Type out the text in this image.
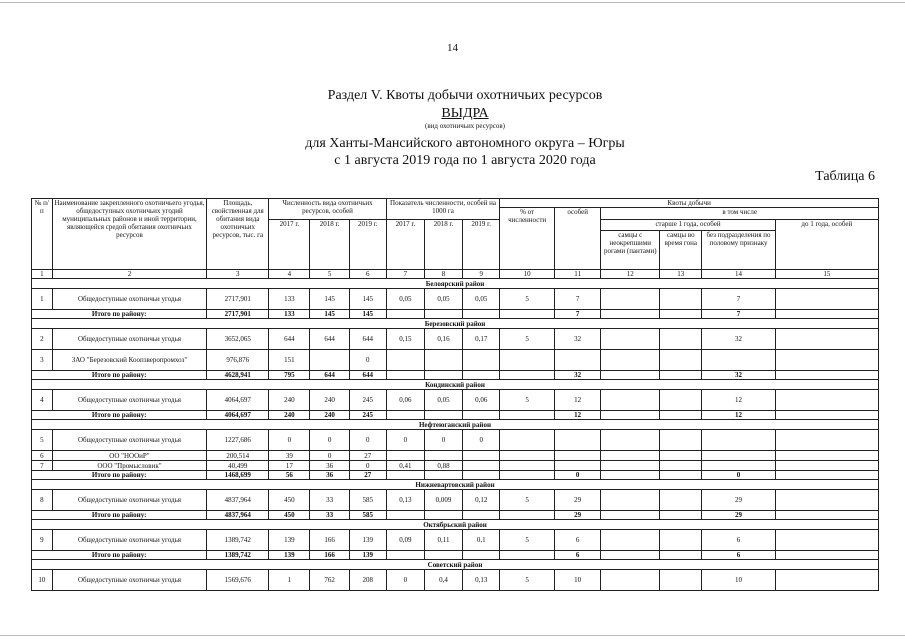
14
Раздел V. Квоты добычи охотничьих ресурсов
ВЫДРА
(вид охотничьих ресурсов)
для Ханты-Мансийского автономного округа – Югры
с 1 августа 2019 года по 1 августа 2020 года
Таблица 6
№ п/п	Наименование закрепленного охотничьего угодья, общедоступных охотничьих угодий муниципальных районов и иной территории, являющейся средой обитания охотничьих ресурсов	Площадь, свойственная для обитания вида охотничьих ресурсов, тыс. га	Численность вида охотничьих ресурсов, особей			Показатель численности, особей на 1000 га			Квоты добычи					
									% от численности	особей	в том числе			
			2017 г.	2018 г.	2019 г.	2017 г.	2018 г.	2019 г.			старше 1 года, особей			до 1 года, особей
											самцы с неокрепшими рогами (пантами)	самцы во время гона	без подразделения по половому признаку	
1	2	3	4	5	6	7	8	9	10	11	12	13	14	15
Белоярский район														
1	Общедоступные охотничьи угодья	2717,901	133	145	145	0,05	0,05	0,05	5	7			7	
Итого по району:		2717,901	133	145	145					7			7	
Березовский район														
2	Общедоступные охотничьи угодья	3652,065	644	644	644	0,15	0,16	0,17	5	32			32	
3	ЗАО "Березовский Коопзверопромхоз"	976,876	151		0									
Итого по району:		4628,941	795	644	644					32			32	
Кондинский район														
4	Общедоступные охотничьи угодья	4064,697	240	240	245	0,06	0,05	0,06	5	12			12	
Итого по району:		4064,697	240	240	245					12			12	
Нефтеюганский район														
5	Общедоступные охотничьи угодья	1227,686	0	0	0	0	0	0						
6	ОО "НООиР"	200,514	39	0	27									
7	ООО "Промысловик"	40,499	17	36	0	0,41	0,88							
Итого по району:		1468,699	56	36	27					0			0	
Нижневартовский район														
8	Общедоступные охотничьи угодья	4837,964	450	33	585	0,13	0,009	0,12	5	29			29	
Итого по району:		4837,964	450	33	585					29			29	
Октябрьский район														
9	Общедоступные охотничьи угодья	1389,742	139	166	139	0,09	0,11	0,1	5	6			6	
Итого по району:		1389,742	139	166	139					6			6	
Советский район														
10	Общедоступные охотничьи угодья	1569,676	1	762	208	0	0,4	0,13	5	10			10	
